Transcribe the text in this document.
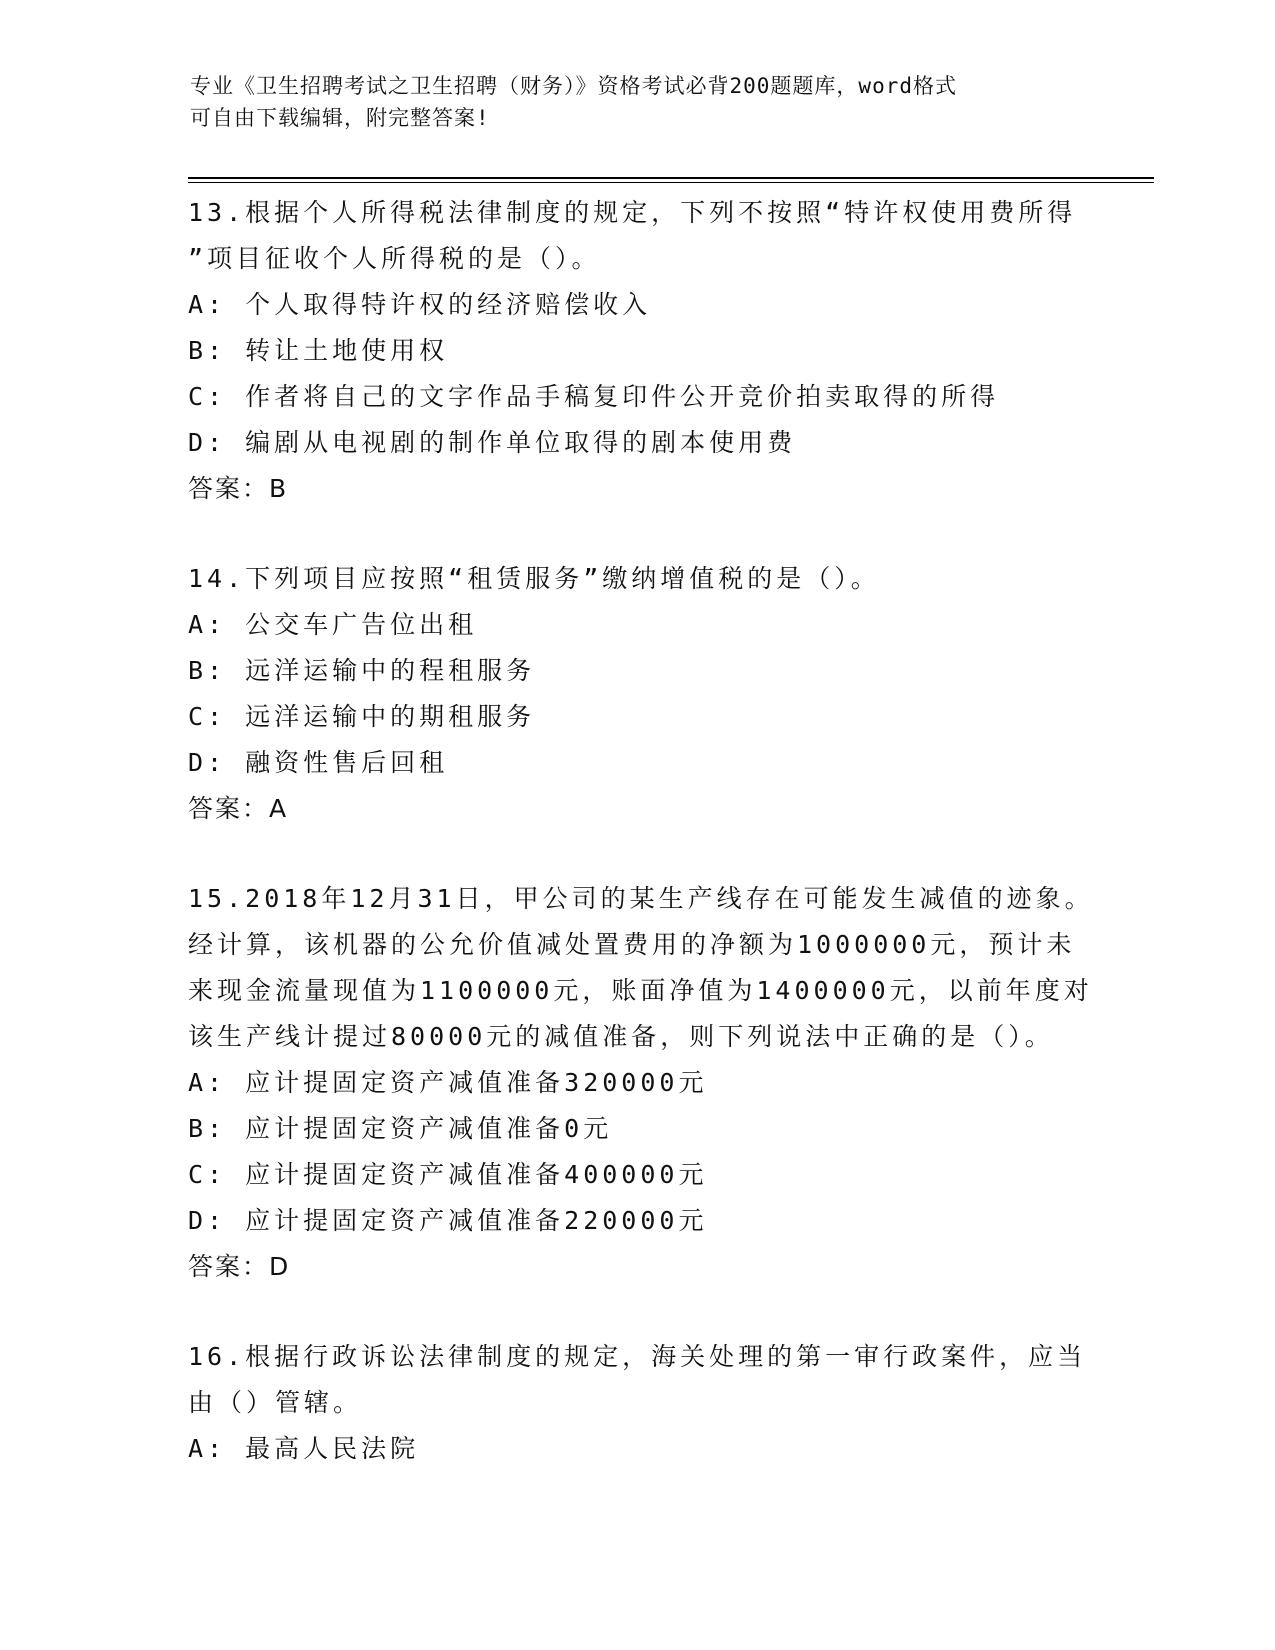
专业《卫生招聘考试之卫生招聘（财务）》资格考试必背200题题库，word格式

可自由下载编辑，附完整答案!

13.根据个人所得税法律制度的规定，下列不按照“特许权使用费所得

”项目征收个人所得税的是（）。

A: 个人取得特许权的经济赔偿收入

B: 转让土地使用权

C: 作者将自己的文字作品手稿复印件公开竞价拍卖取得的所得

D: 编剧从电视剧的制作单位取得的剧本使用费

答案：B

14.下列项目应按照“租赁服务”缴纳增值税的是（）。

A: 公交车广告位出租

B: 远洋运输中的程租服务

C: 远洋运输中的期租服务

D: 融资性售后回租

答案：A

15.2018年12月31日，甲公司的某生产线存在可能发生减值的迹象。

经计算，该机器的公允价值减处置费用的净额为1000000元，预计未

来现金流量现值为1100000元，账面净值为1400000元，以前年度对

该生产线计提过80000元的减值准备，则下列说法中正确的是（）。

A: 应计提固定资产减值准备320000元

B: 应计提固定资产减值准备0元

C: 应计提固定资产减值准备400000元

D: 应计提固定资产减值准备220000元

答案：D

16.根据行政诉讼法律制度的规定，海关处理的第一审行政案件，应当

由（）管辖。

A: 最高人民法院
